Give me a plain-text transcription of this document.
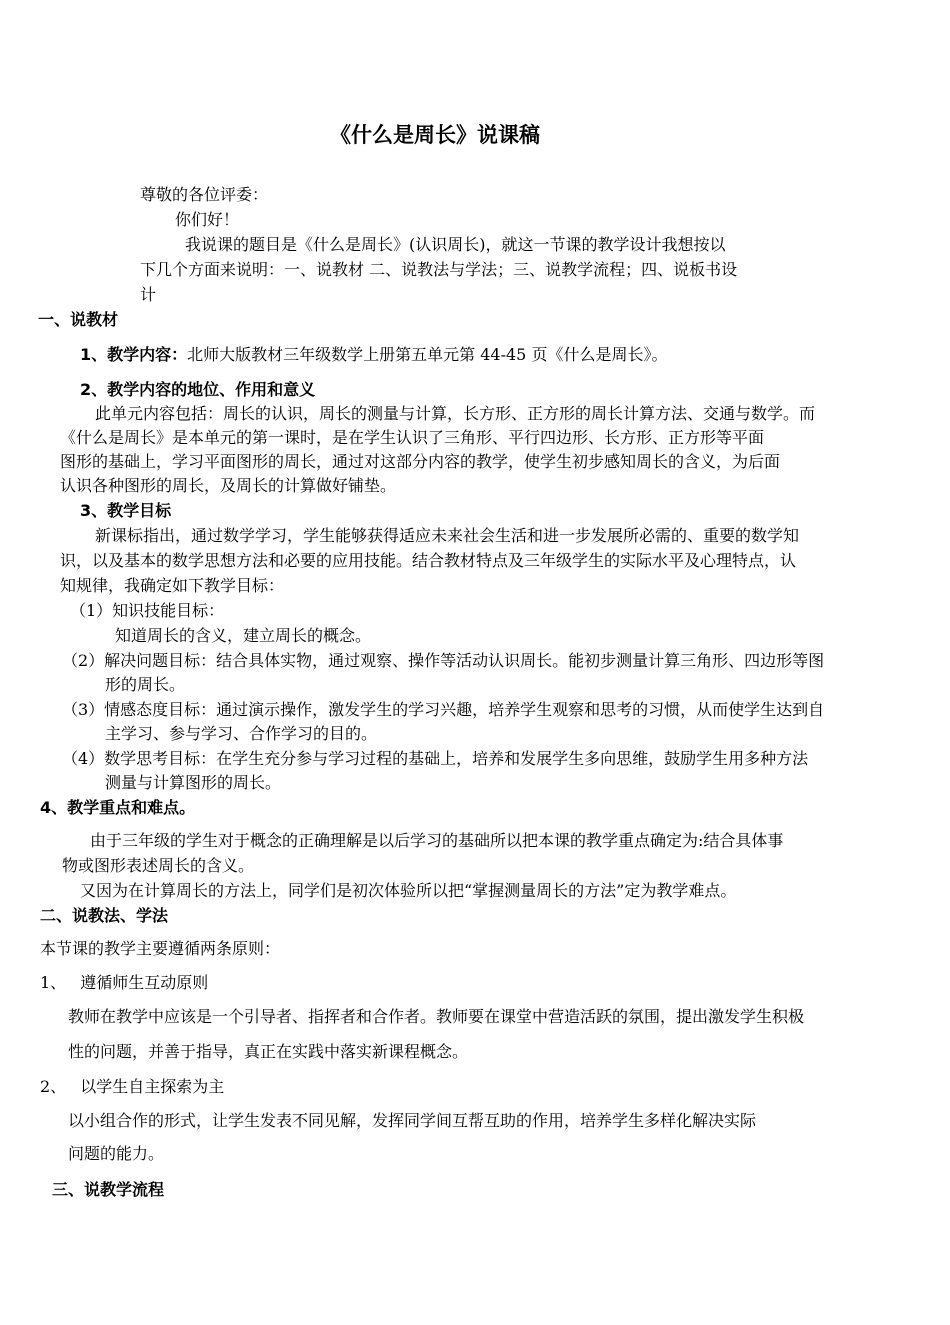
《什么是周长》说课稿
尊敬的各位评委：
你们好！
我说课的题目是《什么是周长》(认识周长)，就这一节课的教学设计我想按以
下几个方面来说明：一、说教材 二、说教法与学法；三、说教学流程；四、说板书设
计
一、说教材
1、教学内容：北师大版教材三年级数学上册第五单元第 44-45 页《什么是周长》。
2、教学内容的地位、作用和意义
此单元内容包括：周长的认识，周长的测量与计算，长方形、正方形的周长计算方法、交通与数学。而
《什么是周长》是本单元的第一课时，是在学生认识了三角形、平行四边形、长方形、正方形等平面
图形的基础上，学习平面图形的周长，通过对这部分内容的教学，使学生初步感知周长的含义，为后面
认识各种图形的周长，及周长的计算做好铺垫。
3、教学目标
新课标指出，通过数学学习，学生能够获得适应未来社会生活和进一步发展所必需的、重要的数学知
识，以及基本的数学思想方法和必要的应用技能。结合教材特点及三年级学生的实际水平及心理特点，认
知规律，我确定如下教学目标：
（1）知识技能目标：
知道周长的含义，建立周长的概念。
（2）解决问题目标：结合具体实物，通过观察、操作等活动认识周长。能初步测量计算三角形、四边形等图
形的周长。
（3）情感态度目标：通过演示操作，激发学生的学习兴趣，培养学生观察和思考的习惯，从而使学生达到自
主学习、参与学习、合作学习的目的。
（4）数学思考目标：在学生充分参与学习过程的基础上，培养和发展学生多向思维，鼓励学生用多种方法
测量与计算图形的周长。
4、教学重点和难点。
由于三年级的学生对于概念的正确理解是以后学习的基础所以把本课的教学重点确定为:结合具体事
物或图形表述周长的含义。
又因为在计算周长的方法上，同学们是初次体验所以把“掌握测量周长的方法”定为教学难点。
二、说教法、学法
本节课的教学主要遵循两条原则：
1、 遵循师生互动原则
教师在教学中应该是一个引导者、指挥者和合作者。教师要在课堂中营造活跃的氛围，提出激发学生积极
性的问题，并善于指导，真正在实践中落实新课程概念。
2、 以学生自主探索为主
以小组合作的形式，让学生发表不同见解，发挥同学间互帮互助的作用，培养学生多样化解决实际
问题的能力。
三、说教学流程
